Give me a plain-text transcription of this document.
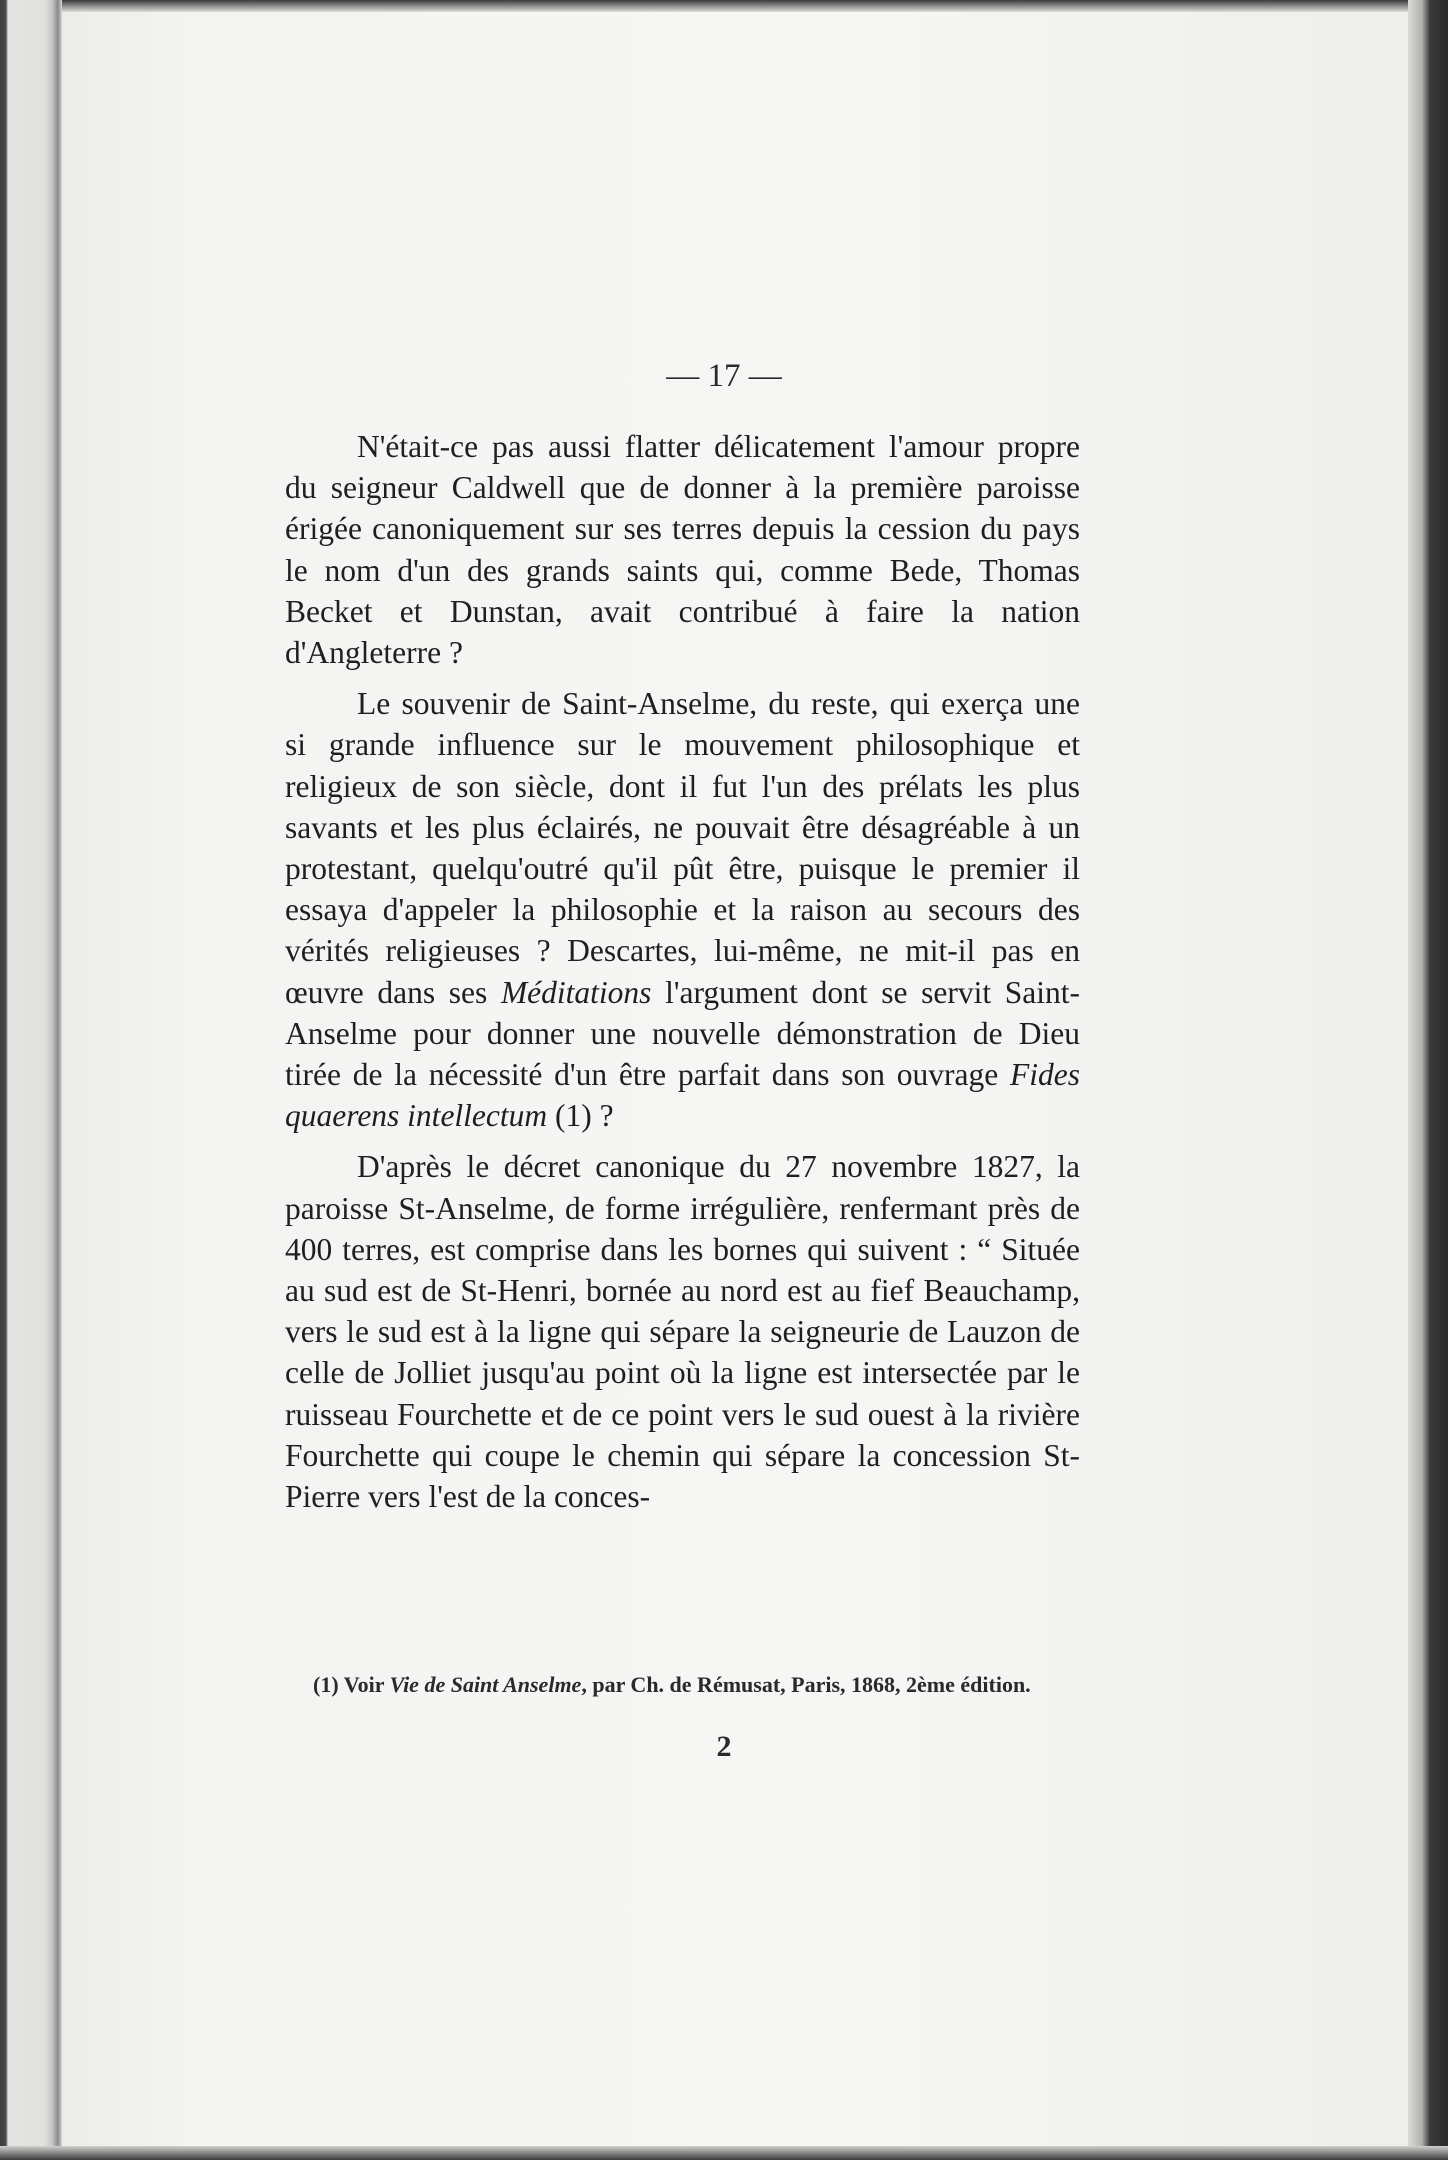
— 17 —

N'était-ce pas aussi flatter délicatement l'amour propre du seigneur Caldwell que de donner à la première paroisse érigée canoniquement sur ses terres depuis la cession du pays le nom d'un des grands saints qui, comme Bede, Thomas Becket et Dunstan, avait contribué à faire la nation d'Angleterre ?

Le souvenir de Saint-Anselme, du reste, qui exerça une si grande influence sur le mouvement philosophique et religieux de son siècle, dont il fut l'un des prélats les plus savants et les plus éclairés, ne pouvait être désagréable à un protestant, quelqu'outré qu'il pût être, puisque le premier il essaya d'appeler la philosophie et la raison au secours des vérités religieuses ? Descartes, lui-même, ne mit-il pas en œuvre dans ses Méditations l'argument dont se servit Saint-Anselme pour donner une nouvelle démonstration de Dieu tirée de la nécessité d'un être parfait dans son ouvrage Fides quaerens intellectum (1) ?

D'après le décret canonique du 27 novembre 1827, la paroisse St-Anselme, de forme irrégulière, renfermant près de 400 terres, est comprise dans les bornes qui suivent : “ Située au sud est de St-Henri, bornée au nord est au fief Beauchamp, vers le sud est à la ligne qui sépare la seigneurie de Lauzon de celle de Jolliet jusqu'au point où la ligne est intersectée par le ruisseau Fourchette et de ce point vers le sud ouest à la rivière Fourchette qui coupe le chemin qui sépare la concession St-Pierre vers l'est de la conces-

(1) Voir Vie de Saint Anselme, par Ch. de Rémusat, Paris, 1868, 2ème édition.
2
